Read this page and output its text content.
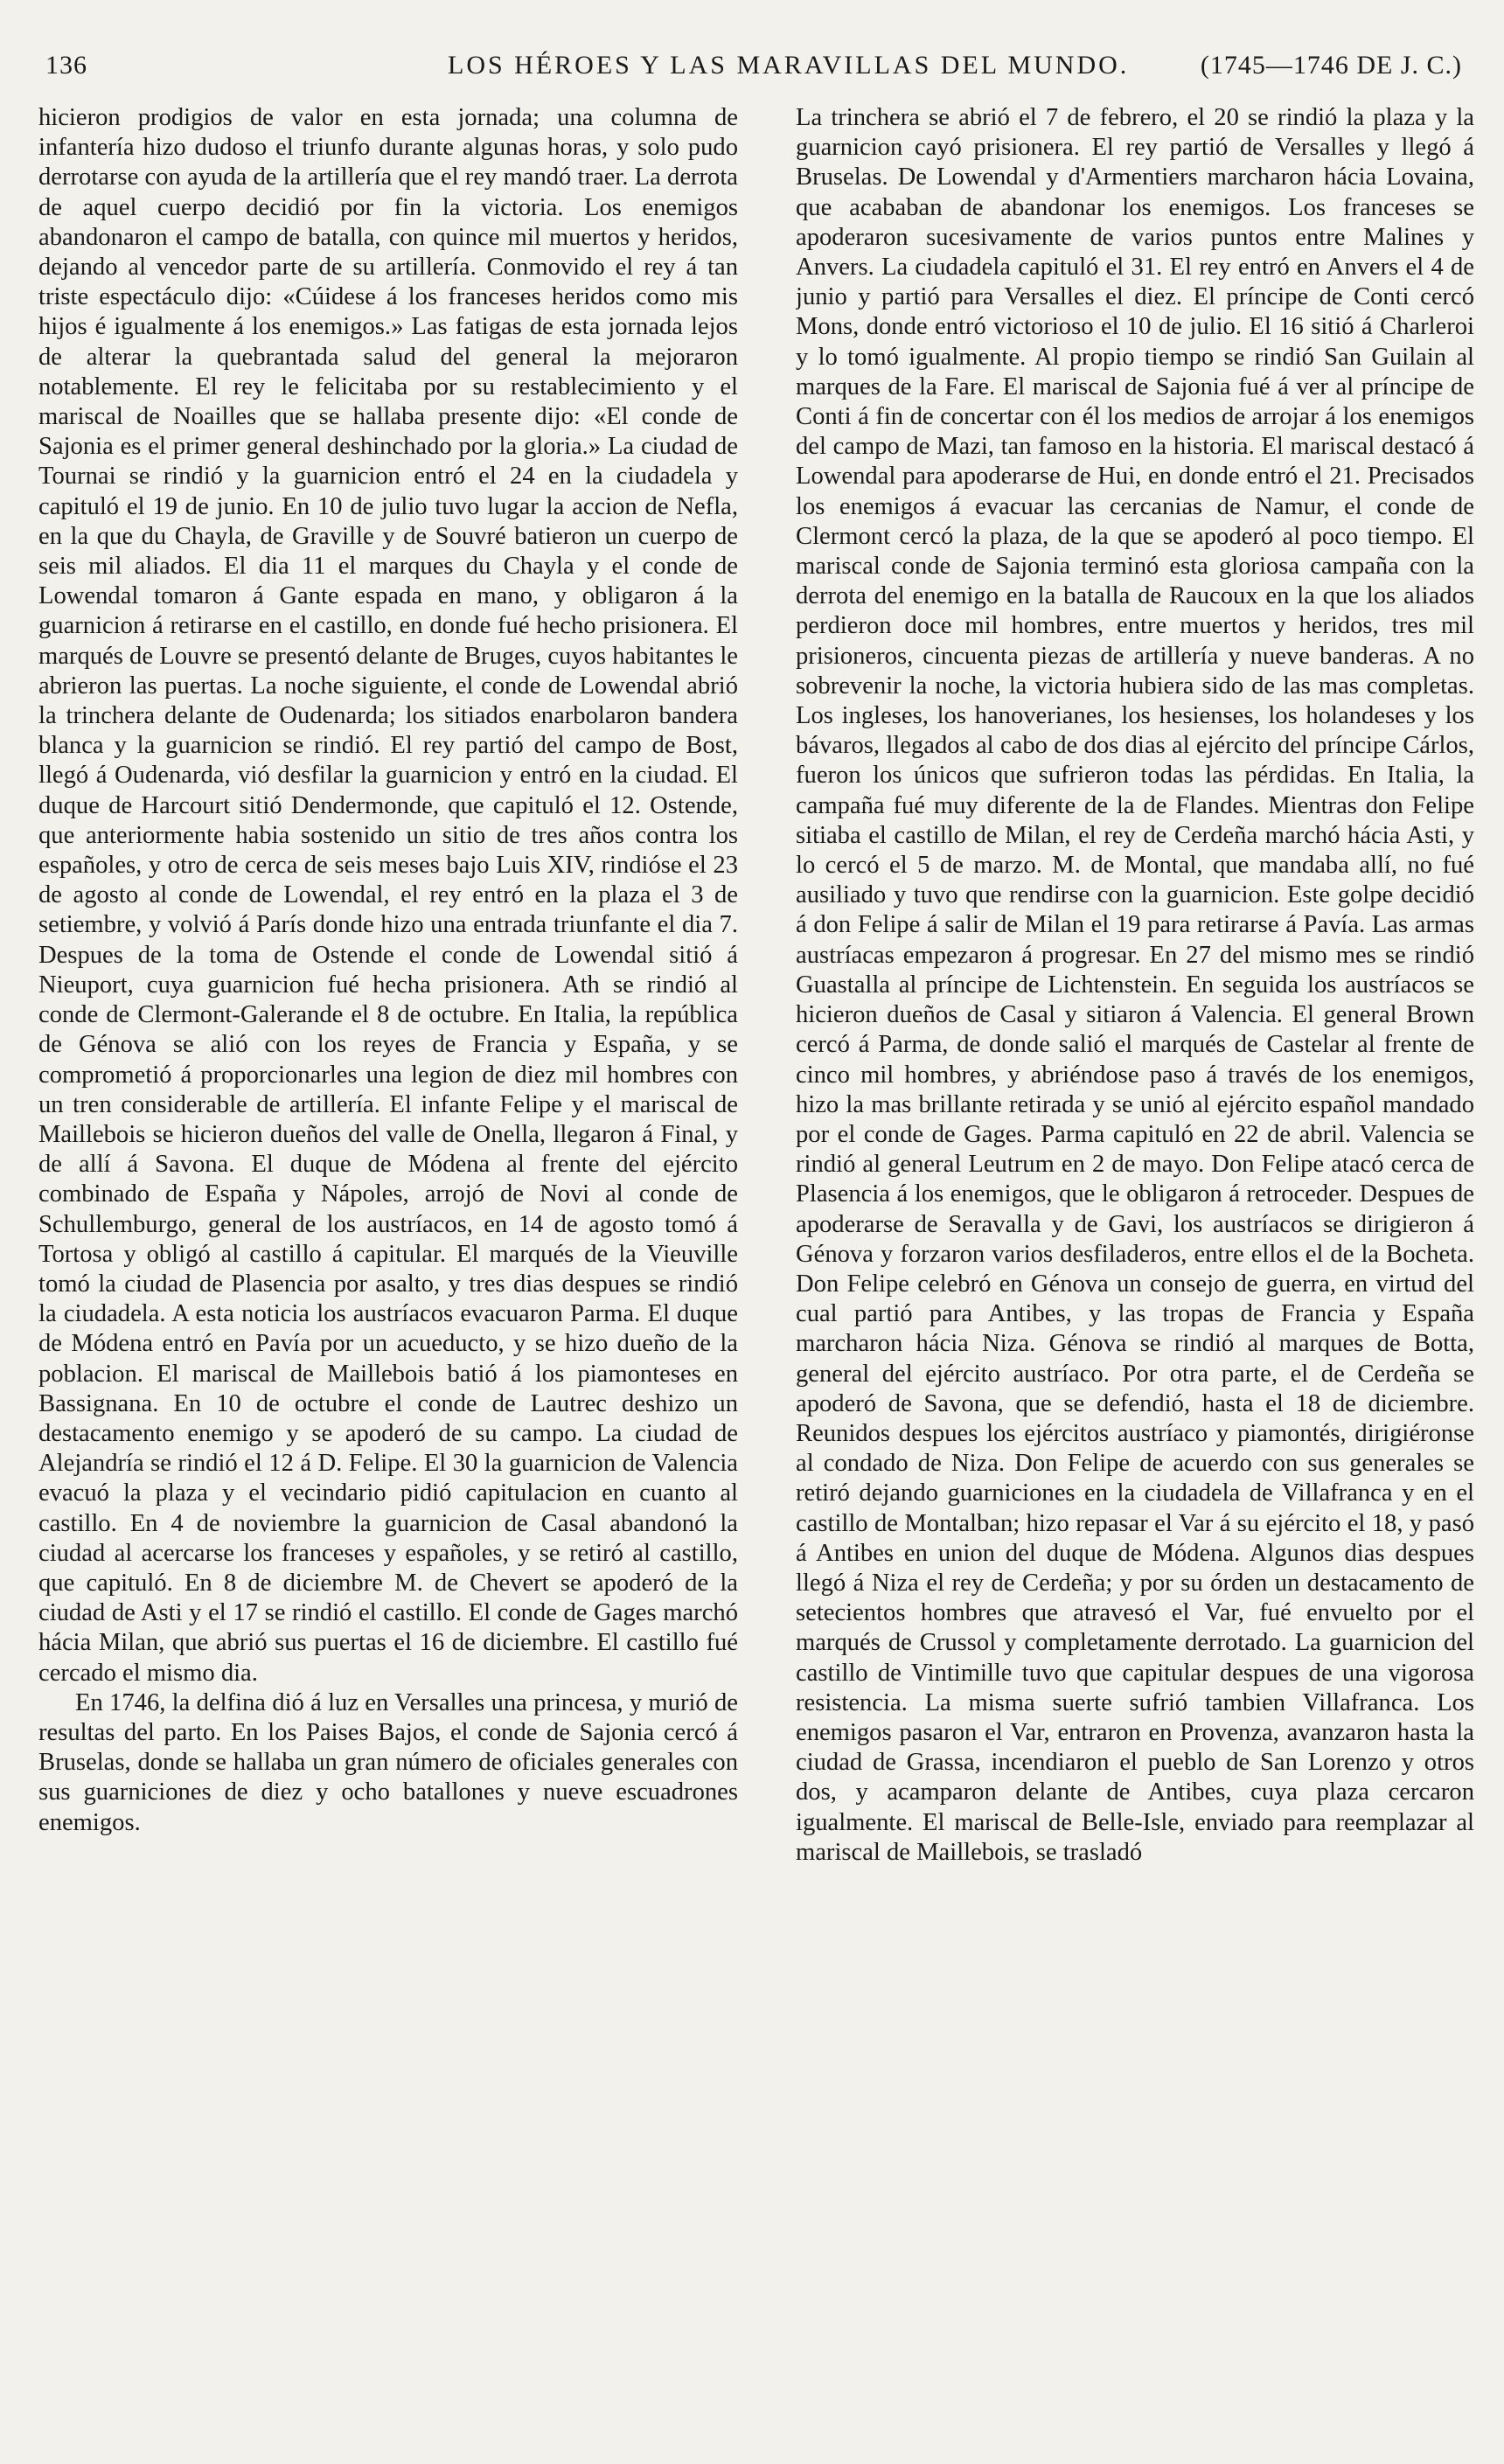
136	LOS HÉROES Y LAS MARAVILLAS DEL MUNDO.	(1745—1746 DE J. C.)

hicieron prodigios de valor en esta jornada; una columna de infantería hizo dudoso el triunfo durante algunas horas, y solo pudo derrotarse con ayuda de la artillería que el rey mandó traer. La derrota de aquel cuerpo decidió por fin la victoria. Los enemigos abandonaron el campo de batalla, con quince mil muertos y heridos, dejando al vencedor parte de su artillería. Conmovido el rey á tan triste espectáculo dijo: «Cúidese á los franceses heridos como mis hijos é igualmente á los enemigos.» Las fatigas de esta jornada lejos de alterar la quebrantada salud del general la mejoraron notablemente. El rey le felicitaba por su restablecimiento y el mariscal de Noailles que se hallaba presente dijo: «El conde de Sajonia es el primer general deshinchado por la gloria.» La ciudad de Tournai se rindió y la guarnicion entró el 24 en la ciudadela y capituló el 19 de junio. En 10 de julio tuvo lugar la accion de Nefla, en la que du Chayla, de Graville y de Souvré batieron un cuerpo de seis mil aliados. El dia 11 el marques du Chayla y el conde de Lowendal tomaron á Gante espada en mano, y obligaron á la guarnicion á retirarse en el castillo, en donde fué hecho prisionera. El marqués de Louvre se presentó delante de Bruges, cuyos habitantes le abrieron las puertas. La noche siguiente, el conde de Lowendal abrió la trinchera delante de Oudenarda; los sitiados enarbolaron bandera blanca y la guarnicion se rindió. El rey partió del campo de Bost, llegó á Oudenarda, vió desfilar la guarnicion y entró en la ciudad. El duque de Harcourt sitió Dendermonde, que capituló el 12. Ostende, que anteriormente habia sostenido un sitio de tres años contra los españoles, y otro de cerca de seis meses bajo Luis XIV, rindióse el 23 de agosto al conde de Lowendal, el rey entró en la plaza el 3 de setiembre, y volvió á París donde hizo una entrada triunfante el dia 7. Despues de la toma de Ostende el conde de Lowendal sitió á Nieuport, cuya guarnicion fué hecha prisionera. Ath se rindió al conde de Clermont-Galerande el 8 de octubre. En Italia, la república de Génova se alió con los reyes de Francia y España, y se comprometió á proporcionarles una legion de diez mil hombres con un tren considerable de artillería. El infante Felipe y el mariscal de Maillebois se hicieron dueños del valle de Onella, llegaron á Final, y de allí á Savona. El duque de Módena al frente del ejército combinado de España y Nápoles, arrojó de Novi al conde de Schullemburgo, general de los austríacos, en 14 de agosto tomó á Tortosa y obligó al castillo á capitular. El marqués de la Vieuville tomó la ciudad de Plasencia por asalto, y tres dias despues se rindió la ciudadela. A esta noticia los austríacos evacuaron Parma. El duque de Módena entró en Pavía por un acueducto, y se hizo dueño de la poblacion. El mariscal de Maillebois batió á los piamonteses en Bassignana. En 10 de octubre el conde de Lautrec deshizo un destacamento enemigo y se apoderó de su campo. La ciudad de Alejandría se rindió el 12 á D. Felipe. El 30 la guarnicion de Valencia evacuó la plaza y el vecindario pidió capitulacion en cuanto al castillo. En 4 de noviembre la guarnicion de Casal abandonó la ciudad al acercarse los franceses y españoles, y se retiró al castillo, que capituló. En 8 de diciembre M. de Chevert se apoderó de la ciudad de Asti y el 17 se rindió el castillo. El conde de Gages marchó hácia Milan, que abrió sus puertas el 16 de diciembre. El castillo fué cercado el mismo dia.

En 1746, la delfina dió á luz en Versalles una princesa, y murió de resultas del parto. En los Paises Bajos, el conde de Sajonia cercó á Bruselas, donde se hallaba un gran número de oficiales generales con sus guarniciones de diez y ocho batallones y nueve escuadrones enemigos.

La trinchera se abrió el 7 de febrero, el 20 se rindió la plaza y la guarnicion cayó prisionera. El rey partió de Versalles y llegó á Bruselas. De Lowendal y d'Armentiers marcharon hácia Lovaina, que acababan de abandonar los enemigos. Los franceses se apoderaron sucesivamente de varios puntos entre Malines y Anvers. La ciudadela capituló el 31. El rey entró en Anvers el 4 de junio y partió para Versalles el diez. El príncipe de Conti cercó Mons, donde entró victorioso el 10 de julio. El 16 sitió á Charleroi y lo tomó igualmente. Al propio tiempo se rindió San Guilain al marques de la Fare. El mariscal de Sajonia fué á ver al príncipe de Conti á fin de concertar con él los medios de arrojar á los enemigos del campo de Mazi, tan famoso en la historia. El mariscal destacó á Lowendal para apoderarse de Hui, en donde entró el 21. Precisados los enemigos á evacuar las cercanias de Namur, el conde de Clermont cercó la plaza, de la que se apoderó al poco tiempo. El mariscal conde de Sajonia terminó esta gloriosa campaña con la derrota del enemigo en la batalla de Raucoux en la que los aliados perdieron doce mil hombres, entre muertos y heridos, tres mil prisioneros, cincuenta piezas de artillería y nueve banderas. A no sobrevenir la noche, la victoria hubiera sido de las mas completas. Los ingleses, los hanoverianes, los hesienses, los holandeses y los bávaros, llegados al cabo de dos dias al ejército del príncipe Cárlos, fueron los únicos que sufrieron todas las pérdidas. En Italia, la campaña fué muy diferente de la de Flandes. Mientras don Felipe sitiaba el castillo de Milan, el rey de Cerdeña marchó hácia Asti, y lo cercó el 5 de marzo. M. de Montal, que mandaba allí, no fué ausiliado y tuvo que rendirse con la guarnicion. Este golpe decidió á don Felipe á salir de Milan el 19 para retirarse á Pavía. Las armas austríacas empezaron á progresar. En 27 del mismo mes se rindió Guastalla al príncipe de Lichtenstein. En seguida los austríacos se hicieron dueños de Casal y sitiaron á Valencia. El general Brown cercó á Parma, de donde salió el marqués de Castelar al frente de cinco mil hombres, y abriéndose paso á través de los enemigos, hizo la mas brillante retirada y se unió al ejército español mandado por el conde de Gages. Parma capituló en 22 de abril. Valencia se rindió al general Leutrum en 2 de mayo. Don Felipe atacó cerca de Plasencia á los enemigos, que le obligaron á retroceder. Despues de apoderarse de Seravalla y de Gavi, los austríacos se dirigieron á Génova y forzaron varios desfiladeros, entre ellos el de la Bocheta. Don Felipe celebró en Génova un consejo de guerra, en virtud del cual partió para Antibes, y las tropas de Francia y España marcharon hácia Niza. Génova se rindió al marques de Botta, general del ejército austríaco. Por otra parte, el de Cerdeña se apoderó de Savona, que se defendió, hasta el 18 de diciembre. Reunidos despues los ejércitos austríaco y piamontés, dirigiéronse al condado de Niza. Don Felipe de acuerdo con sus generales se retiró dejando guarniciones en la ciudadela de Villafranca y en el castillo de Montalban; hizo repasar el Var á su ejército el 18, y pasó á Antibes en union del duque de Módena. Algunos dias despues llegó á Niza el rey de Cerdeña; y por su órden un destacamento de setecientos hombres que atravesó el Var, fué envuelto por el marqués de Crussol y completamente derrotado. La guarnicion del castillo de Vintimille tuvo que capitular despues de una vigorosa resistencia. La misma suerte sufrió tambien Villafranca. Los enemigos pasaron el Var, entraron en Provenza, avanzaron hasta la ciudad de Grassa, incendiaron el pueblo de San Lorenzo y otros dos, y acamparon delante de Antibes, cuya plaza cercaron igualmente. El mariscal de Belle-Isle, enviado para reemplazar al mariscal de Maillebois, se trasladó
